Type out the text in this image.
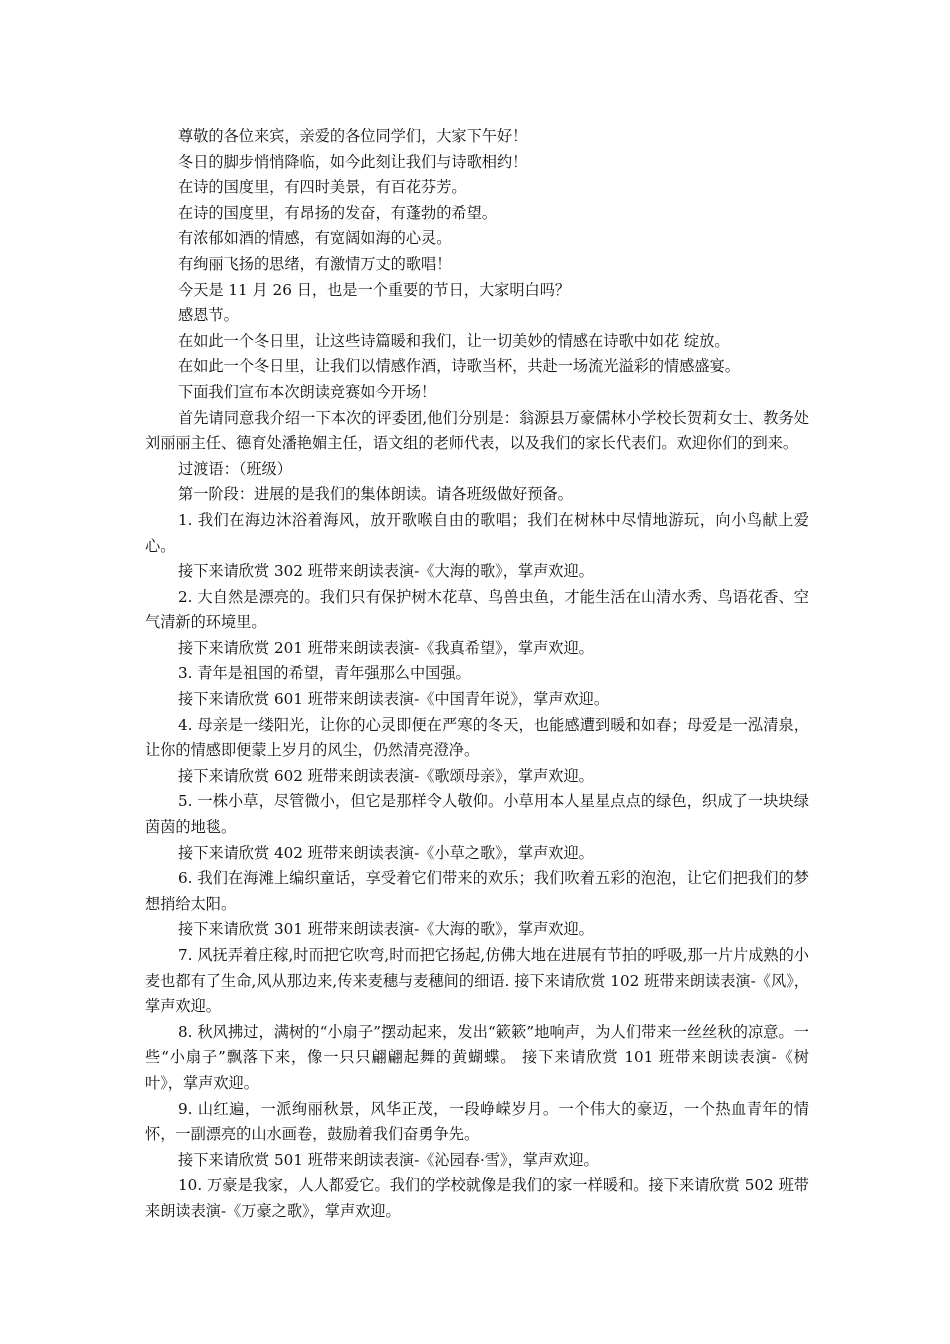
尊敬的各位来宾，亲爱的各位同学们，大家下午好！

冬日的脚步悄悄降临，如今此刻让我们与诗歌相约！

在诗的国度里，有四时美景，有百花芬芳。

在诗的国度里，有昂扬的发奋，有蓬勃的希望。

有浓郁如酒的情感，有宽阔如海的心灵。

有绚丽飞扬的思绪，有激情万丈的歌唱！

今天是 11 月 26 日，也是一个重要的节日，大家明白吗？

感恩节。

在如此一个冬日里，让这些诗篇暖和我们，让一切美妙的情感在诗歌中如花 绽放。

在如此一个冬日里，让我们以情感作酒，诗歌当杯，共赴一场流光溢彩的情感盛宴。

下面我们宣布本次朗读竞赛如今开场！

首先请同意我介绍一下本次的评委团,他们分别是：翁源县万豪儒林小学校长贺莉女士、教务处刘丽丽主任、德育处潘艳媚主任，语文组的老师代表，以及我们的家长代表们。欢迎你们的到来。

过渡语：（班级）

第一阶段：进展的是我们的集体朗读。请各班级做好预备。

1. 我们在海边沐浴着海风，放开歌喉自由的歌唱；我们在树林中尽情地游玩，向小鸟献上爱心。

接下来请欣赏 302 班带来朗读表演-《大海的歌》，掌声欢迎。

2. 大自然是漂亮的。我们只有保护树木花草、鸟兽虫鱼，才能生活在山清水秀、鸟语花香、空气清新的环境里。

接下来请欣赏 201 班带来朗读表演-《我真希望》，掌声欢迎。

3. 青年是祖国的希望，青年强那么中国强。

接下来请欣赏 601 班带来朗读表演-《中国青年说》，掌声欢迎。

4. 母亲是一缕阳光，让你的心灵即便在严寒的冬天，也能感遭到暖和如春；母爱是一泓清泉，让你的情感即便蒙上岁月的风尘，仍然清亮澄净。

接下来请欣赏 602 班带来朗读表演-《歌颂母亲》，掌声欢迎。

5. 一株小草，尽管微小，但它是那样令人敬仰。小草用本人星星点点的绿色，织成了一块块绿茵茵的地毯。

接下来请欣赏 402 班带来朗读表演-《小草之歌》，掌声欢迎。

6. 我们在海滩上编织童话，享受着它们带来的欢乐；我们吹着五彩的泡泡，让它们把我们的梦想捎给太阳。

接下来请欣赏 301 班带来朗读表演-《大海的歌》，掌声欢迎。

7. 风抚弄着庄稼,时而把它吹弯,时而把它扬起,仿佛大地在进展有节拍的呼吸,那一片片成熟的小麦也都有了生命,风从那边来,传来麦穗与麦穗间的细语. 接下来请欣赏 102 班带来朗读表演-《风》，掌声欢迎。

8. 秋风拂过，满树的“小扇子”摆动起来，发出“簌簌”地响声，为人们带来一丝丝秋的凉意。一些“小扇子”飘落下来，像一只只翩翩起舞的黄蝴蝶。 接下来请欣赏 101 班带来朗读表演-《树叶》，掌声欢迎。

9. 山红遍，一派绚丽秋景，风华正茂，一段峥嵘岁月。一个伟大的豪迈，一个热血青年的情怀，一副漂亮的山水画卷，鼓励着我们奋勇争先。

接下来请欣赏 501 班带来朗读表演-《沁园春·雪》，掌声欢迎。

10. 万豪是我家，人人都爱它。我们的学校就像是我们的家一样暖和。接下来请欣赏 502 班带来朗读表演-《万豪之歌》，掌声欢迎。
